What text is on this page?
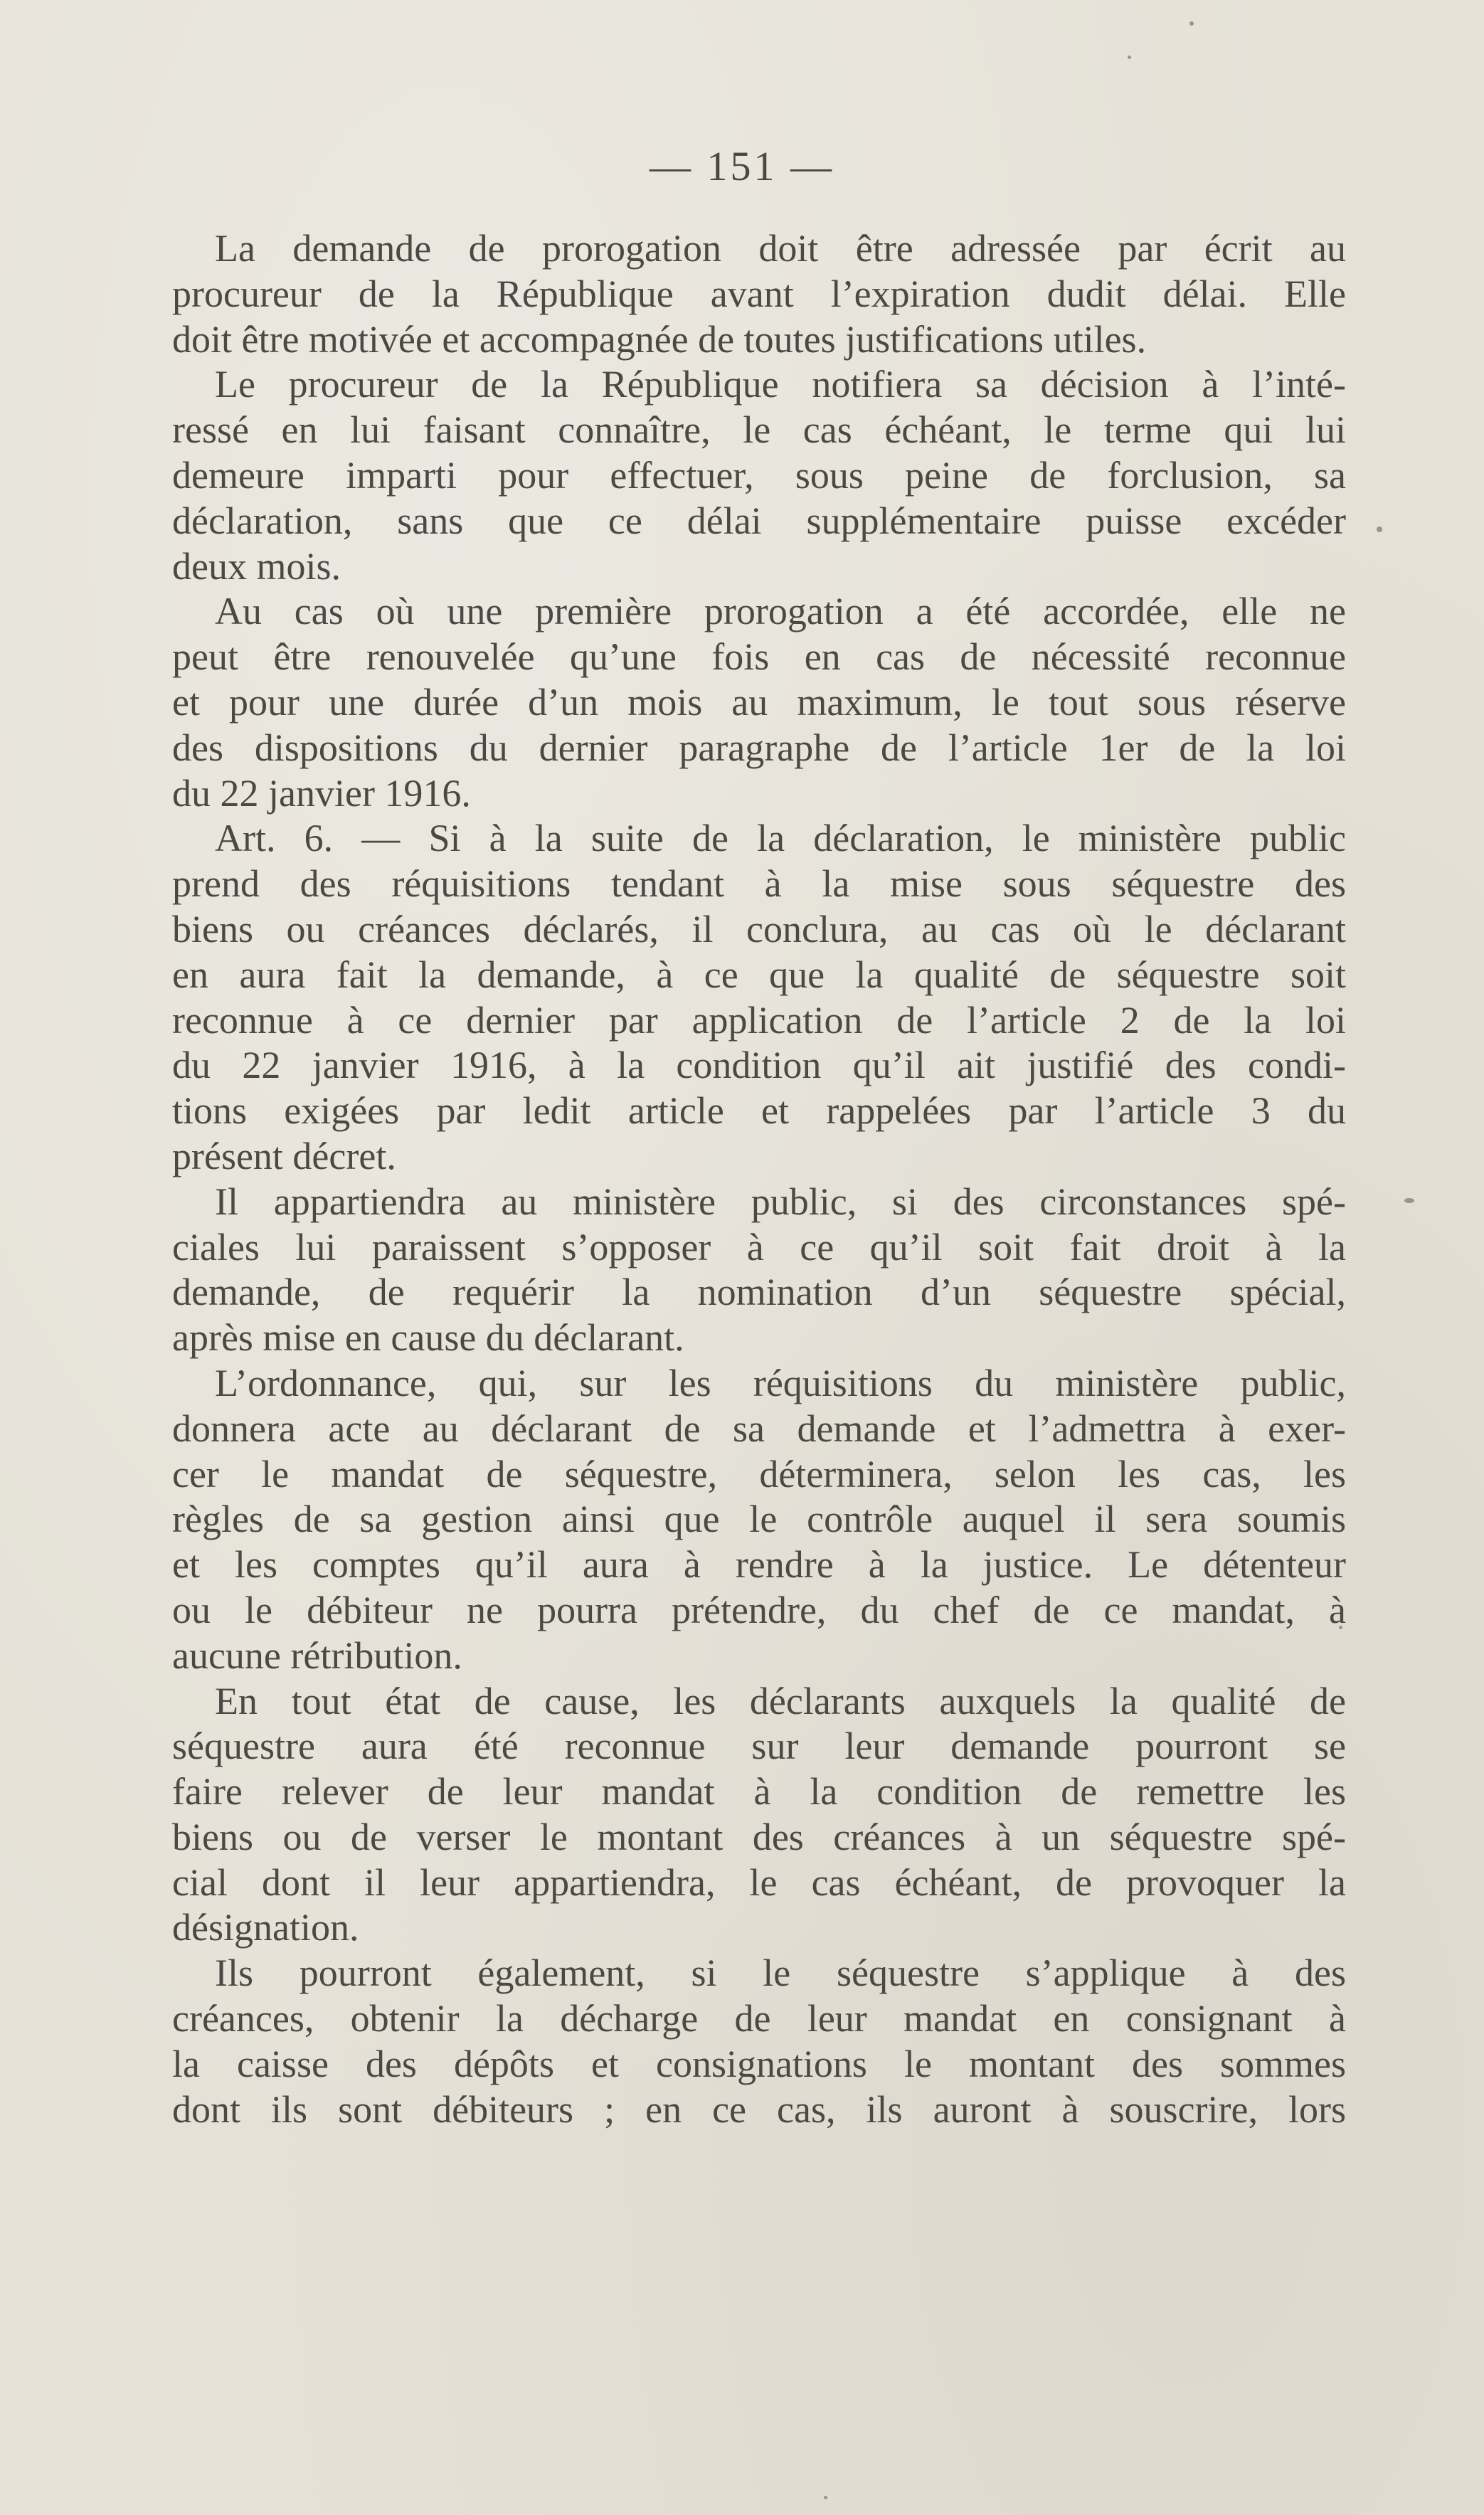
— 151 —
La demande de prorogation doit être adressée par écrit au
procureur de la République avant l’expiration dudit délai. Elle
doit être motivée et accompagnée de toutes justifications utiles.
Le procureur de la République notifiera sa décision à l’inté-
ressé en lui faisant connaître, le cas échéant, le terme qui lui
demeure imparti pour effectuer, sous peine de forclusion, sa
déclaration, sans que ce délai supplémentaire puisse excéder
deux mois.
Au cas où une première prorogation a été accordée, elle ne
peut être renouvelée qu’une fois en cas de nécessité reconnue
et pour une durée d’un mois au maximum, le tout sous réserve
des dispositions du dernier paragraphe de l’article 1er de la loi
du 22 janvier 1916.
Art. 6. — Si à la suite de la déclaration, le ministère public
prend des réquisitions tendant à la mise sous séquestre des
biens ou créances déclarés, il conclura, au cas où le déclarant
en aura fait la demande, à ce que la qualité de séquestre soit
reconnue à ce dernier par application de l’article 2 de la loi
du 22 janvier 1916, à la condition qu’il ait justifié des condi-
tions exigées par ledit article et rappelées par l’article 3 du
présent décret.
Il appartiendra au ministère public, si des circonstances spé-
ciales lui paraissent s’opposer à ce qu’il soit fait droit à la
demande, de requérir la nomination d’un séquestre spécial,
après mise en cause du déclarant.
L’ordonnance, qui, sur les réquisitions du ministère public,
donnera acte au déclarant de sa demande et l’admettra à exer-
cer le mandat de séquestre, déterminera, selon les cas, les
règles de sa gestion ainsi que le contrôle auquel il sera soumis
et les comptes qu’il aura à rendre à la justice. Le détenteur
ou le débiteur ne pourra prétendre, du chef de ce mandat, à
aucune rétribution.
En tout état de cause, les déclarants auxquels la qualité de
séquestre aura été reconnue sur leur demande pourront se
faire relever de leur mandat à la condition de remettre les
biens ou de verser le montant des créances à un séquestre spé-
cial dont il leur appartiendra, le cas échéant, de provoquer la
désignation.
Ils pourront également, si le séquestre s’applique à des
créances, obtenir la décharge de leur mandat en consignant à
la caisse des dépôts et consignations le montant des sommes
dont ils sont débiteurs ; en ce cas, ils auront à souscrire, lors
